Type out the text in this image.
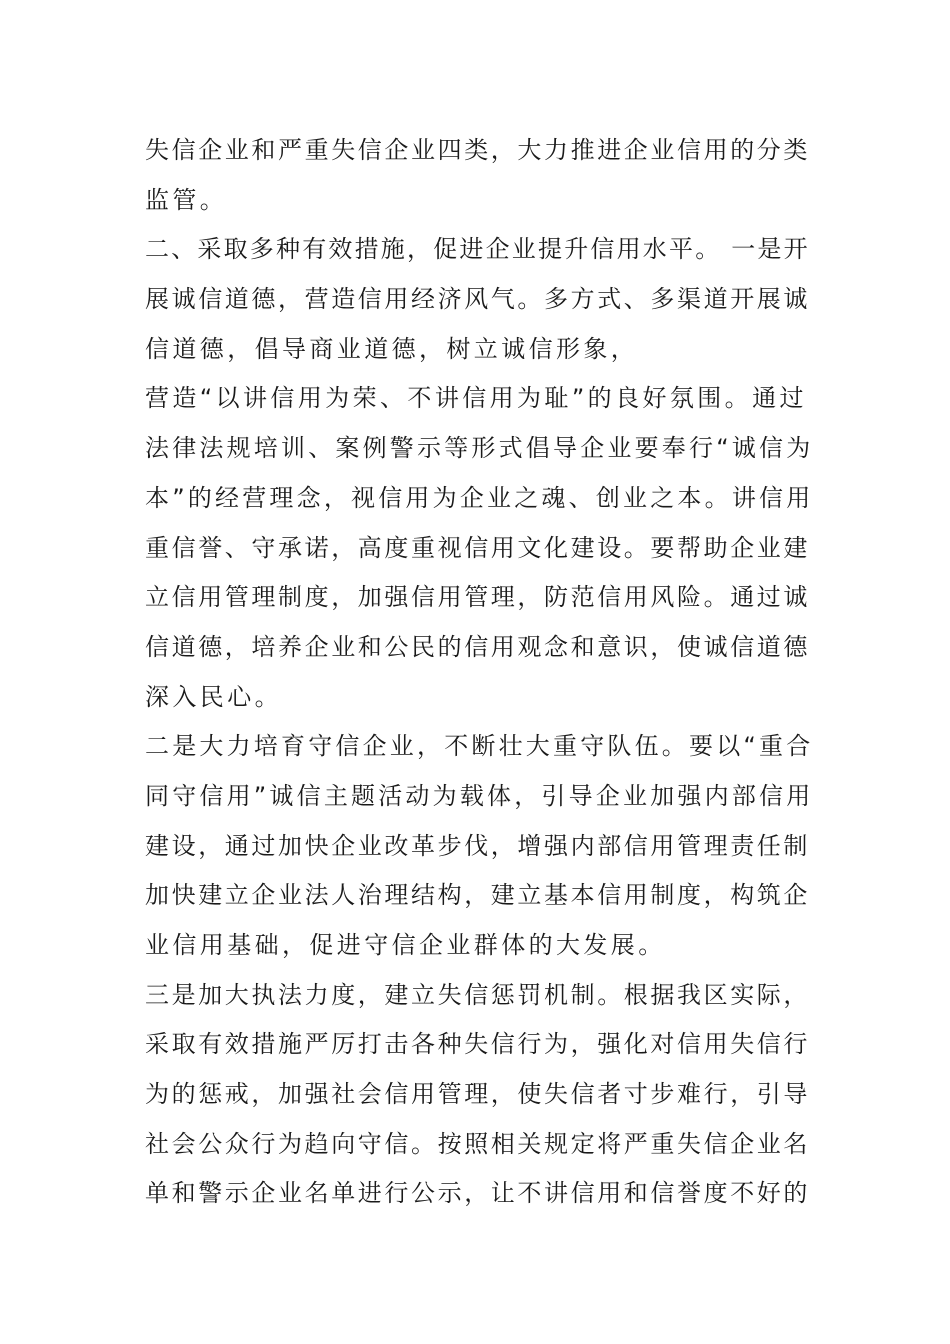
失信企业和严重失信企业四类，大力推进企业信用的分类
监管。
二、采取多种有效措施，促进企业提升信用水平。 一是开
展诚信道德，营造信用经济风气。多方式、多渠道开展诚
信道德，倡导商业道德，树立诚信形象，
营造“以讲信用为荣、不讲信用为耻”的良好氛围。通过
法律法规培训、案例警示等形式倡导企业要奉行“诚信为
本”的经营理念，视信用为企业之魂、创业之本。讲信用
重信誉、守承诺，高度重视信用文化建设。要帮助企业建
立信用管理制度，加强信用管理，防范信用风险。通过诚
信道德，培养企业和公民的信用观念和意识，使诚信道德
深入民心。
二是大力培育守信企业，不断壮大重守队伍。要以“重合
同守信用”诚信主题活动为载体，引导企业加强内部信用
建设，通过加快企业改革步伐，增强内部信用管理责任制
加快建立企业法人治理结构，建立基本信用制度，构筑企
业信用基础，促进守信企业群体的大发展。
三是加大执法力度，建立失信惩罚机制。根据我区实际，
采取有效措施严厉打击各种失信行为，强化对信用失信行
为的惩戒，加强社会信用管理，使失信者寸步难行，引导
社会公众行为趋向守信。按照相关规定将严重失信企业名
单和警示企业名单进行公示，让不讲信用和信誉度不好的
